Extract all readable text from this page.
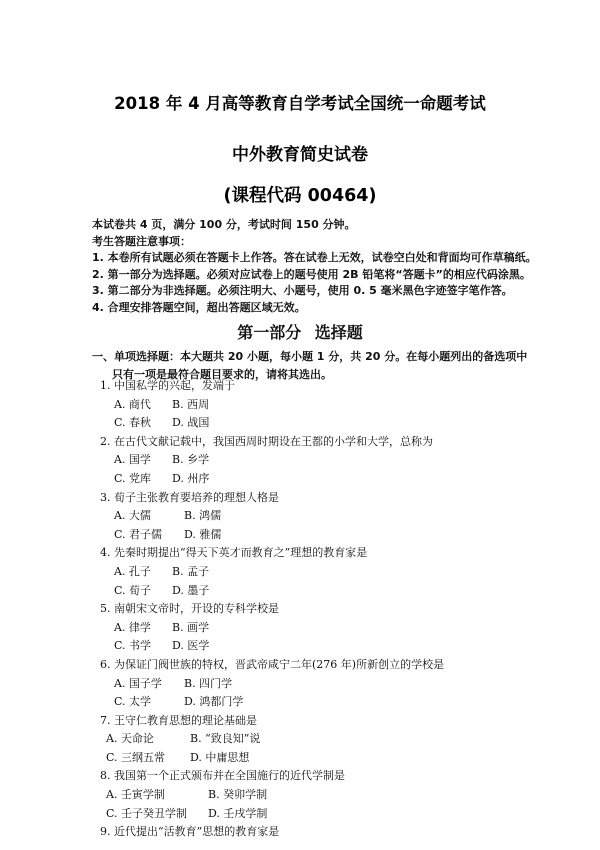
2018 年 4 月高等教育自学考试全国统一命题考试
中外教育简史试卷
(课程代码 00464)
本试卷共 4 页，满分 100 分，考试时间 150 分钟。
考生答题注意事项：
1. 本卷所有试题必须在答题卡上作答。答在试卷上无效，试卷空白处和背面均可作草稿纸。
2. 第一部分为选择题。必须对应试卷上的题号使用 2B 铅笔将“答题卡”的相应代码涂黑。
3. 第二部分为非选择题。必须注明大、小题号，使用 0. 5 毫米黑色字迹签字笔作答。
4. 合理安排答题空间，超出答题区域无效。
第一部分 选择题
一、单项选择题：本大题共 20 小题，每小题 1 分，共 20 分。在每小题列出的备选项中
只有一项是最符合题目要求的，请将其选出。
1. 中国私学的兴起，发端于
A. 商代	B. 西周
C. 春秋	D. 战国
2. 在古代文献记载中，我国西周时期设在王都的小学和大学，总称为
A. 国学	B. 乡学
C. 党库	D. 州序
3. 荀子主张教育要培养的理想人格是
A. 大儒	B. 鸿儒
C. 君子儒	D. 雅儒
4. 先秦时期提出“得天下英才而教育之”理想的教育家是
A. 孔子	B. 孟子
C. 荀子	D. 墨子
5. 南朝宋文帝时，开设的专科学校是
A. 律学	B. 画学
C. 书学	D. 医学
6. 为保证门阀世族的特权，晋武帝咸宁二年(276 年)所新创立的学校是
A. 国子学	B. 四门学
C. 太学	D. 鸿都门学
7. 王守仁教育思想的理论基础是
A. 天命论	B. “致良知”说
C. 三纲五常	D. 中庸思想
8. 我国第一个正式颁布并在全国施行的近代学制是
A. 壬寅学制	B. 癸卯学制
C. 壬子癸丑学制	D. 壬戌学制
9. 近代提出“活教育”思想的教育家是
